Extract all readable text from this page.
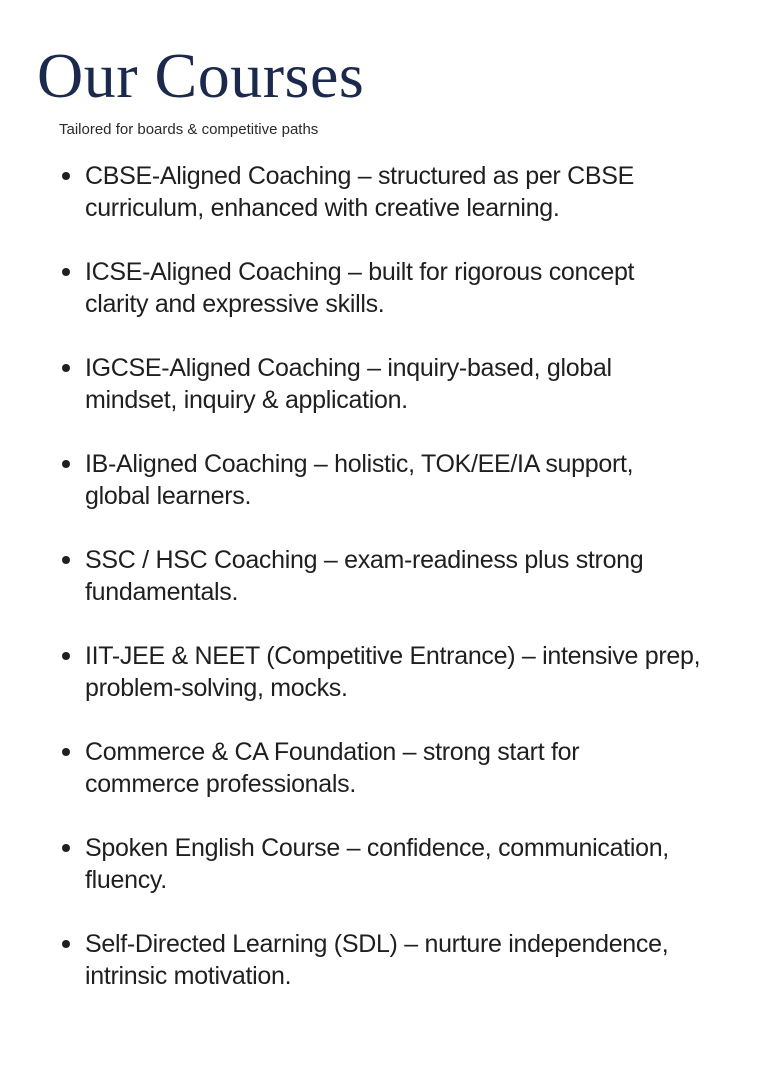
Our Courses

Tailored for boards & competitive paths

CBSE-Aligned Coaching – structured as per CBSE
curriculum, enhanced with creative learning.
ICSE-Aligned Coaching – built for rigorous concept
clarity and expressive skills.
IGCSE-Aligned Coaching – inquiry-based, global
mindset, inquiry & application.
IB-Aligned Coaching – holistic, TOK/EE/IA support,
global learners.
SSC / HSC Coaching – exam-readiness plus strong
fundamentals.
IIT-JEE & NEET (Competitive Entrance) – intensive prep,
problem-solving, mocks.
Commerce & CA Foundation – strong start for
commerce professionals.
Spoken English Course – confidence, communication,
fluency.
Self-Directed Learning (SDL) – nurture independence,
intrinsic motivation.
